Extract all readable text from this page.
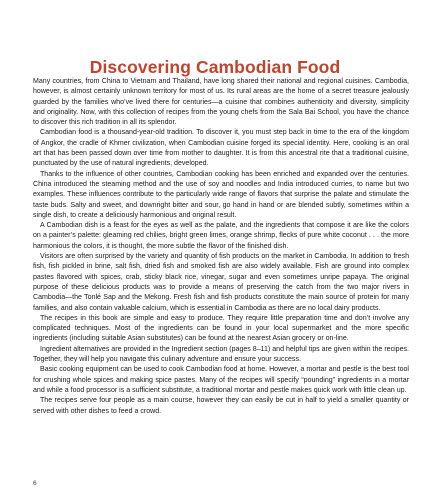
Discovering Cambodian Food

Many countries, from China to Vietnam and Thailand, have long shared their national and regional cuisines. Cambodia, however, is almost certainly unknown territory for most of us. Its rural areas are the home of a secret treasure jealously guarded by the families who’ve lived there for centuries—a cuisine that combines authenticity and diversity, simplicity and originality. Now, with this collection of recipes from the young chefs from the Sala Bai School, you have the chance to discover this rich tradition in all its splendor.

Cambodian food is a thousand-year-old tradition. To discover it, you must step back in time to the era of the kingdom of Angkor, the cradle of Khmer civilization, when Cambodian cuisine forged its special identity. Here, cooking is an oral art that has been passed down over time from mother to daughter. It is from this ancestral rite that a traditional cuisine, punctuated by the use of natural ingredients, developed.

Thanks to the influence of other countries, Cambodian cooking has been enriched and expanded over the centuries. China introduced the steaming method and the use of soy and noodles and India introduced curries, to name but two examples. These influences contribute to the particularly wide range of flavors that surprise the palate and stimulate the taste buds. Salty and sweet, and downright bitter and sour, go hand in hand or are blended subtly, sometimes within a single dish, to create a deliciously harmonious and original result.

A Cambodian dish is a feast for the eyes as well as the palate, and the ingredients that compose it are like the colors on a painter’s palette: gleaming red chilies, bright green limes, orange shrimp, flecks of pure white coconut . . . the more harmonious the colors, it is thought, the more subtle the flavor of the finished dish.

Visitors are often surprised by the variety and quantity of fish products on the market in Cambodia. In addition to fresh fish, fish pickled in brine, salt fish, dried fish and smoked fish are also widely available. Fish are ground into complex pastes flavored with spices, crab, sticky black rice, vinegar, sugar and even sometimes unripe papaya. The original purpose of these delicious products was to provide a means of preserving the catch from the two major rivers in Cambodia—the Tonlé Sap and the Mekong. Fresh fish and fish products constitute the main source of protein for many families, and also contain valuable calcium, which is essential in Cambodia as there are no local dairy products.

The recipes in this book are simple and easy to produce. They require little preparation time and don’t involve any complicated techniques. Most of the ingredients can be found in your local supermarket and the more specific ingredients (including suitable Asian substitutes) can be found at the nearest Asian grocery or on-line.

Ingredient alternatives are provided in the Ingredient section (pages 8–11) and helpful tips are given within the recipes. Together, they will help you navigate this culinary adventure and ensure your success.

Basic cooking equipment can be used to cook Cambodian food at home. However, a mortar and pestle is the best tool for crushing whole spices and making spice pastes. Many of the recipes will specify “pounding” ingredients in a mortar and while a food processor is a sufficient substitute, a traditional mortar and pestle makes quick work with little clean up.

The recipes serve four people as a main course, however they can easily be cut in half to yield a smaller quantity or served with other dishes to feed a crowd.

6
